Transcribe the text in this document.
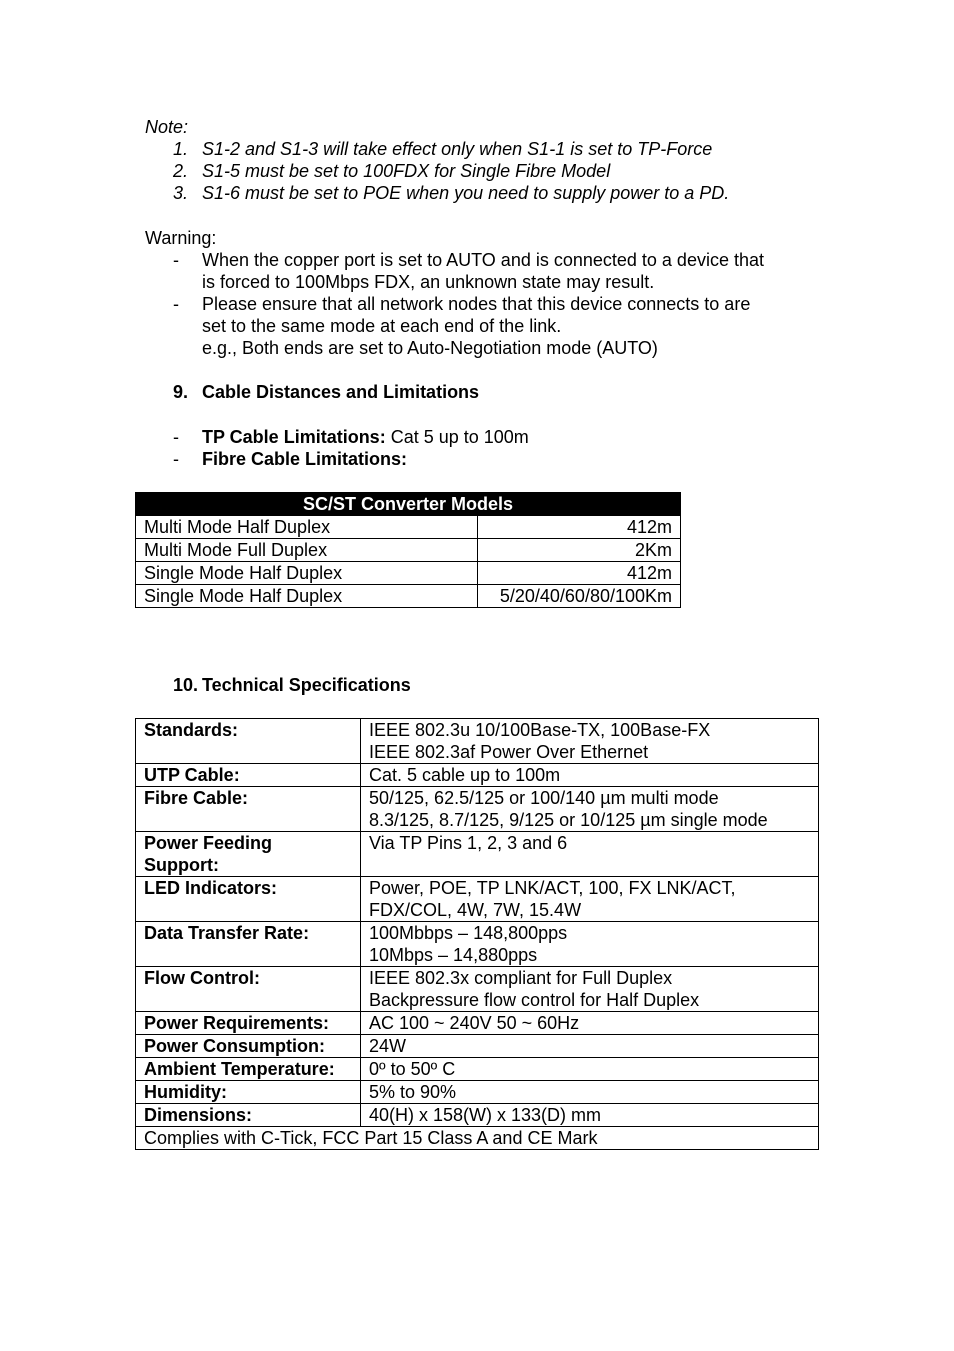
Note:
1. S1-2 and S1-3 will take effect only when S1-1 is set to TP-Force
2. S1-5 must be set to 100FDX for Single Fibre Model
3. S1-6 must be set to POE when you need to supply power to a PD.
Warning:
- When the copper port is set to AUTO and is connected to a device that
is forced to 100Mbps FDX, an unknown state may result.
- Please ensure that all network nodes that this device connects to are
set to the same mode at each end of the link.
e.g., Both ends are set to Auto-Negotiation mode (AUTO)
9. Cable Distances and Limitations
- TP Cable Limitations: Cat 5 up to 100m
- Fibre Cable Limitations:
SC/ST Converter Models	
Multi Mode Half Duplex	412m
Multi Mode Full Duplex	2Km
Single Mode Half Duplex	412m
Single Mode Half Duplex	5/20/40/60/80/100Km
10. Technical Specifications
Standards:	IEEE 802.3u 10/100Base-TX, 100Base-FX
IEEE 802.3af Power Over Ethernet

UTP Cable:	Cat. 5 cable up to 100m

Fibre Cable:	50/125, 62.5/125 or 100/140 µm multi mode
8.3/125, 8.7/125, 9/125 or 10/125 µm single mode

Power Feeding
Support:	Via TP Pins 1, 2, 3 and 6

LED Indicators:	Power, POE, TP LNK/ACT, 100, FX LNK/ACT,
FDX/COL, 4W, 7W, 15.4W

Data Transfer Rate:	100Mbbps – 148,800pps
10Mbps – 14,880pps

Flow Control:	IEEE 802.3x compliant for Full Duplex
Backpressure flow control for Half Duplex

Power Requirements:	AC 100 ~ 240V 50 ~ 60Hz

Power Consumption:	24W

Ambient Temperature:	0º to 50º C

Humidity:	5% to 90%

Dimensions:	40(H) x 158(W) x 133(D) mm

Complies with C-Tick, FCC Part 15 Class A and CE Mark	
